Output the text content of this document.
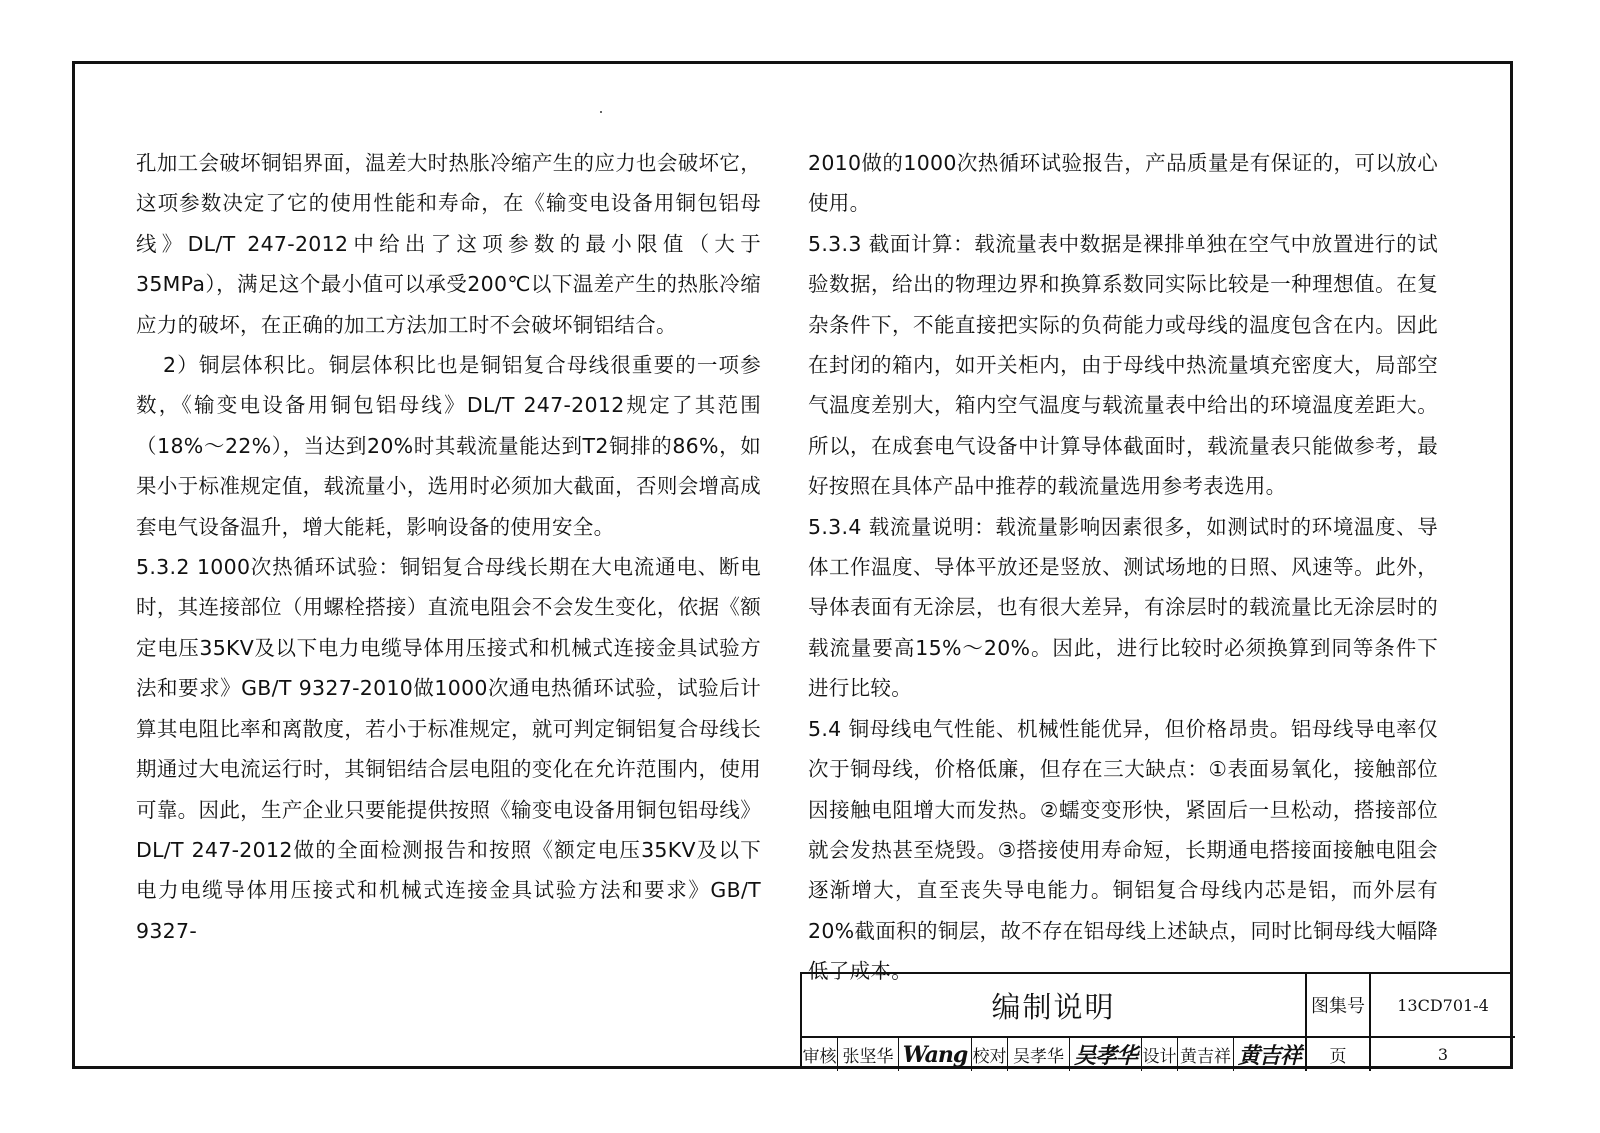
孔加工会破坏铜铝界面，温差大时热胀冷缩产生的应力也会破坏它，这项参数决定了它的使用性能和寿命，在《输变电设备用铜包铝母线》DL/T 247-2012中给出了这项参数的最小限值（大于35MPa），满足这个最小值可以承受200℃以下温差产生的热胀冷缩应力的破坏，在正确的加工方法加工时不会破坏铜铝结合。

2）铜层体积比。铜层体积比也是铜铝复合母线很重要的一项参数，《输变电设备用铜包铝母线》DL/T 247-2012规定了其范围（18%～22%），当达到20%时其载流量能达到T2铜排的86%，如果小于标准规定值，载流量小，选用时必须加大截面，否则会增高成套电气设备温升，增大能耗，影响设备的使用安全。

5.3.2 1000次热循环试验：铜铝复合母线长期在大电流通电、断电时，其连接部位（用螺栓搭接）直流电阻会不会发生变化，依据《额定电压35KV及以下电力电缆导体用压接式和机械式连接金具试验方法和要求》GB/T 9327-2010做1000次通电热循环试验，试验后计算其电阻比率和离散度，若小于标准规定，就可判定铜铝复合母线长期通过大电流运行时，其铜铝结合层电阻的变化在允许范围内，使用可靠。因此，生产企业只要能提供按照《输变电设备用铜包铝母线》DL/T 247-2012做的全面检测报告和按照《额定电压35KV及以下电力电缆导体用压接式和机械式连接金具试验方法和要求》GB/T 9327-

2010做的1000次热循环试验报告，产品质量是有保证的，可以放心使用。

5.3.3 截面计算：载流量表中数据是裸排单独在空气中放置进行的试验数据，给出的物理边界和换算系数同实际比较是一种理想值。在复杂条件下，不能直接把实际的负荷能力或母线的温度包含在内。因此在封闭的箱内，如开关柜内，由于母线中热流量填充密度大，局部空气温度差别大，箱内空气温度与载流量表中给出的环境温度差距大。所以，在成套电气设备中计算导体截面时，载流量表只能做参考，最好按照在具体产品中推荐的载流量选用参考表选用。

5.3.4 载流量说明：载流量影响因素很多，如测试时的环境温度、导体工作温度、导体平放还是竖放、测试场地的日照、风速等。此外，导体表面有无涂层，也有很大差异，有涂层时的载流量比无涂层时的载流量要高15%～20%。因此，进行比较时必须换算到同等条件下进行比较。

5.4 铜母线电气性能、机械性能优异，但价格昂贵。铝母线导电率仅次于铜母线，价格低廉，但存在三大缺点：①表面易氧化，接触部位因接触电阻增大而发热。②蠕变变形快，紧固后一旦松动，搭接部位就会发热甚至烧毁。③搭接使用寿命短，长期通电搭接面接触电阻会逐渐增大，直至丧失导电能力。铜铝复合母线内芯是铝，而外层有20%截面积的铜层，故不存在铝母线上述缺点，同时比铜母线大幅降低了成本。

编制说明	图集号	13CD701-4
审核 张坚华 Wang 校对 吴孝华 吴孝华 设计 黄吉祥 黄吉祥	页	3
